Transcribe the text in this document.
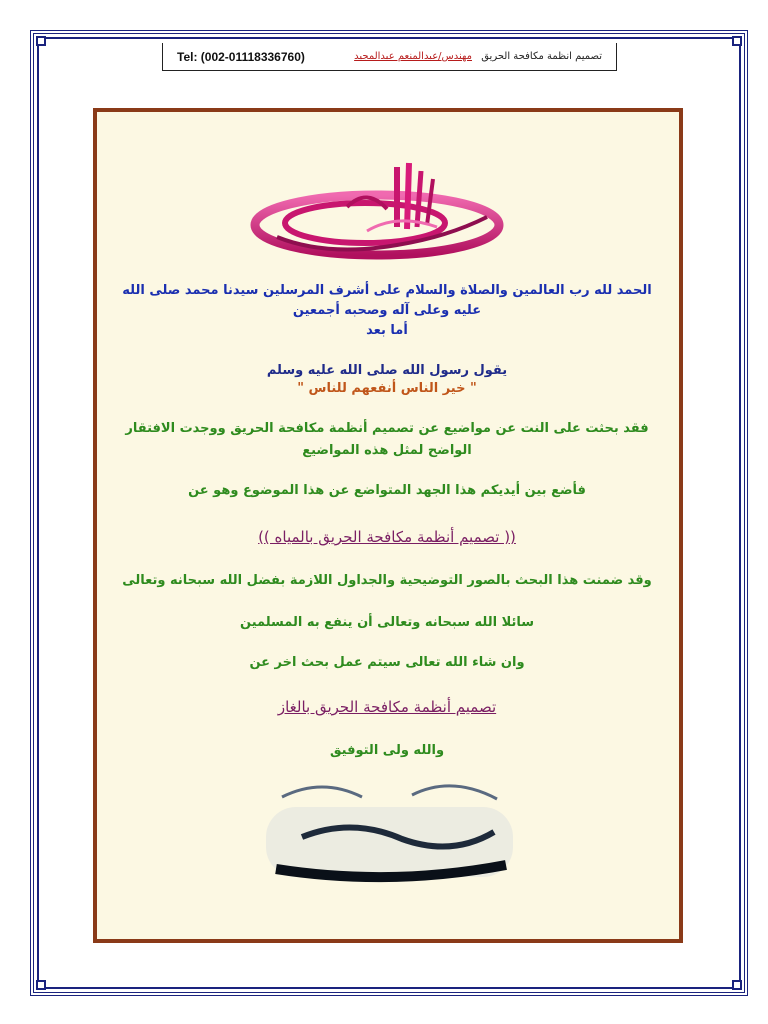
Tel: (002-01118336760)	مهندس/عبدالمنعم عبدالمجيد تصميم انظمة مكافحة الحريق
الحمد لله رب العالمين والصلاة والسلام على أشرف المرسلين سيدنا محمد صلى الله
عليه وعلى آله وصحبه أجمعين
أما بعد
يقول رسول الله صلى الله عليه وسلم
" خير الناس أنفعهم للناس "
فقد بحثت على النت عن مواضيع عن تصميم أنظمة مكافحة الحريق ووجدت الافتقار
الواضح لمثل هذه المواضيع
فأضع بين أيديكم هذا الجهد المتواضع عن هذا الموضوع وهو عن
(( تصميم أنظمة مكافحة الحريق بالمياه ))
وقد ضمنت هذا البحث بالصور التوضيحية والجداول اللازمة بفضل الله سبحانه وتعالى
سائلا الله سبحانه وتعالى أن ينفع به المسلمين
وان شاء الله تعالى سيتم عمل بحث اخر عن
تصميم أنظمة مكافحة الحريق بالغاز
والله ولى التوفيق
